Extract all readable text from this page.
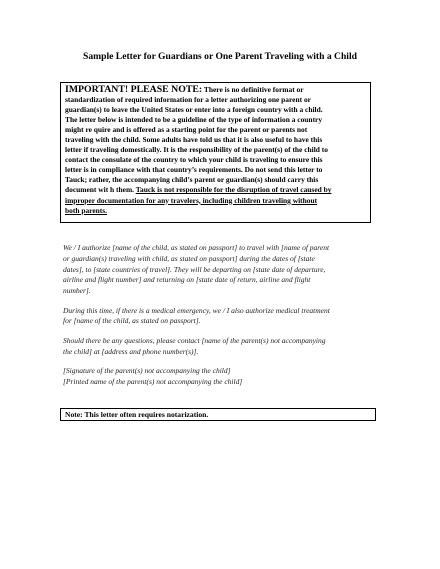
Sample Letter for Guardians or One Parent Traveling with a Child
IMPORTANT! PLEASE NOTE: There is no definitive format or
standardization of required information for a letter authorizing one parent or
guardian(s) to leave the United States or enter into a foreign country with a child.
The letter below is intended to be a guideline of the type of information a country
might re quire and is offered as a starting point for the parent or parents not
traveling with the child. Some adults have told us that it is also useful to have this
letter if traveling domestically. It is the responsibility of the parent(s) of the child to
contact the consulate of the country to which your child is traveling to ensure this
letter is in compliance with that country’s requirements. Do not send this letter to
Tauck; rather, the accompanying child’s parent or guardian(s) should carry this
document wit h them. Tauck is not responsible for the disruption of travel caused by
improper documentation for any travelers, including children traveling without
both parents.
We / I authorize [name of the child, as stated on passport] to travel with [name of parent
or guardian(s) traveling with child, as stated on passport] during the dates of [state
dates], to [state countries of travel]. They will be departing on [state date of departure,
airline and flight number] and returning on [state date of return, airline and flight
number].
During this time, if there is a medical emergency, we / I also authorize medical treatment
for [name of the child, as stated on passport].
Should there be any questions, please contact [name of the parent(s) not accompanying
the child] at [address and phone number(s)].
[Signature of the parent(s) not accompanying the child]
[Printed name of the parent(s) not accompanying the child]
Note: This letter often requires notarization.
